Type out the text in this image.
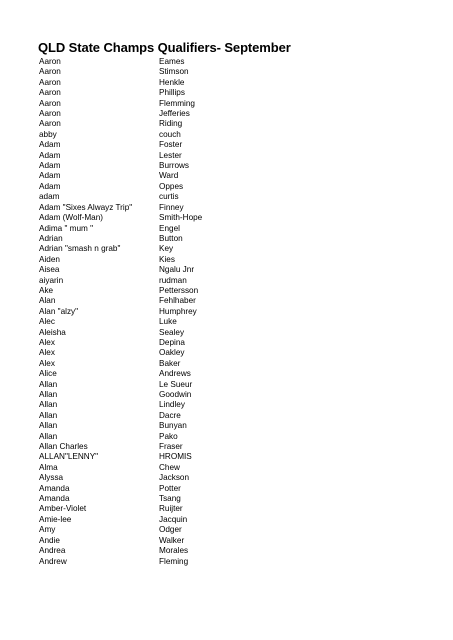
QLD State Champs Qualifiers- September
Aaron	Eames
Aaron	Stimson
Aaron	Henkle
Aaron	Phillips
Aaron	Flemming
Aaron	Jefferies
Aaron	Riding
abby	couch
Adam	Foster
Adam	Lester
Adam	Burrows
Adam	Ward
Adam	Oppes
adam	curtis
Adam "Sixes Alwayz Trip"	Finney
Adam (Wolf-Man)	Smith-Hope
Adima " mum "	Engel
Adrian	Button
Adrian "smash n grab"	Key
Aiden	Kies
Aisea	Ngalu Jnr
aiyarin	rudman
Ake	Pettersson
Alan	Fehlhaber
Alan "alzy"	Humphrey
Alec	Luke
Aleisha	Sealey
Alex	Depina
Alex	Oakley
Alex	Baker
Alice	Andrews
Allan	Le Sueur
Allan	Goodwin
Allan	Lindley
Allan	Dacre
Allan	Bunyan
Allan	Pako
Allan Charles	Fraser
ALLAN"LENNY"	HROMIS
Alma	Chew
Alyssa	Jackson
Amanda	Potter
Amanda	Tsang
Amber-Violet	Ruijter
Amie-lee	Jacquin
Amy	Odger
Andie	Walker
Andrea	Morales
Andrew	Fleming
